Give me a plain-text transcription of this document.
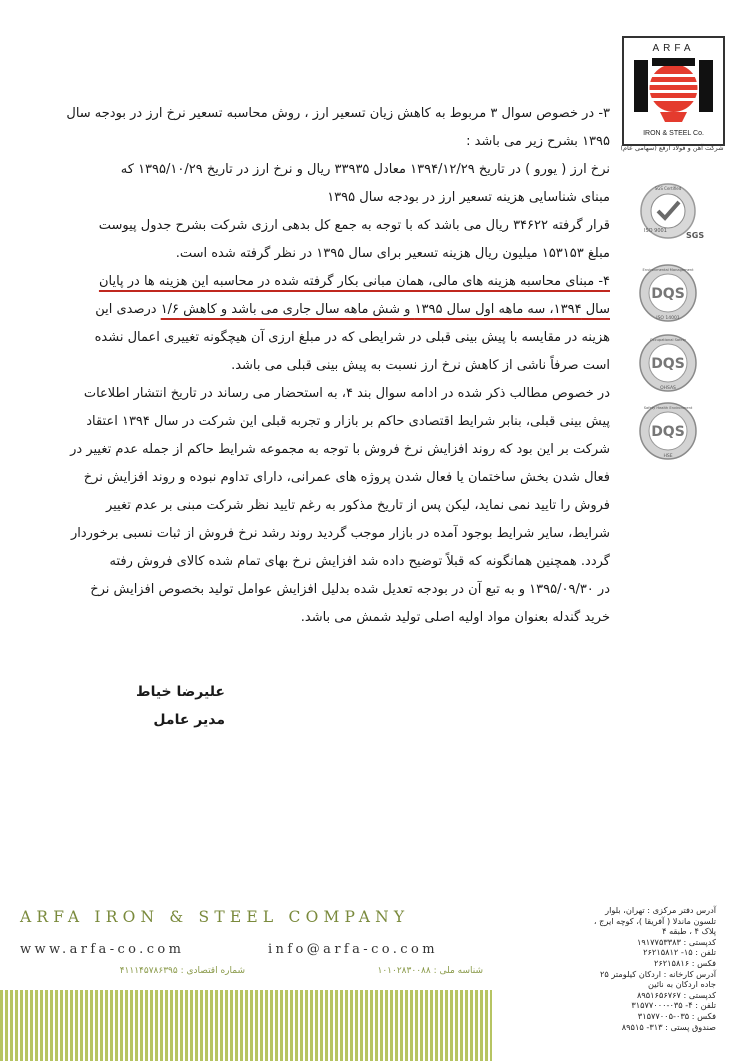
ARFA
IRON & STEEL Co.
شرکت آهن و فولاد ارفع (سهامی عام)
SGS Certified
ISO 9001 SGS
DQS
Environmental Management
ISO 14001
DQS
Occupational Safety
OHSAS
DQS
Safety Health Environment
HSE

۳- در خصوص سوال ۳ مربوط به کاهش زیان تسعیر ارز ، روش محاسبه تسعیر نرخ ارز در بودجه سال

۱۳۹۵ بشرح زیر می باشد :

نرخ ارز ( یورو ) در تاریخ ۱۳۹۴/۱۲/۲۹ معادل ۳۳۹۳۵ ریال و نرخ ارز در تاریخ ۱۳۹۵/۱۰/۲۹ که

مبنای شناسایی هزینه تسعیر ارز در بودجه سال ۱۳۹۵

قرار گرفته ۳۴۶۲۲ ریال می باشد که با توجه به جمع کل بدهی ارزی شرکت بشرح جدول پیوست

مبلغ ۱۵۳۱۵۳ میلیون ریال هزینه تسعیر برای سال ۱۳۹۵ در نظر گرفته شده است.

۴- مبنای محاسبه هزینه های مالی، همان مبانی بکار گرفته شده در محاسبه این هزینه ها در پایان

سال ۱۳۹۴، سه ماهه اول سال ۱۳۹۵ و شش ماهه سال جاری می باشد و کاهش ۱/۶ درصدی این

هزینه در مقایسه با پیش بینی قبلی در شرایطی که در مبلغ ارزی آن هیچگونه تغییری اعمال نشده

است صرفاً ناشی از کاهش نرخ ارز نسبت به پیش بینی قبلی می باشد.

در خصوص مطالب ذکر شده در ادامه سوال بند ۴، به استحضار می رساند در تاریخ انتشار اطلاعات

پیش بینی قبلی، بنابر شرایط اقتصادی حاکم بر بازار و تجربه قبلی این شرکت در سال ۱۳۹۴ اعتقاد

شرکت بر این بود که روند افزایش نرخ فروش با توجه به مجموعه شرایط حاکم از جمله عدم تغییر در

فعال شدن بخش ساختمان یا فعال شدن پروژه های عمرانی، دارای تداوم نبوده و روند افزایش نرخ

فروش را تایید نمی نماید، لیکن پس از تاریخ مذکور به رغم تایید نظر شرکت مبنی بر عدم تغییر

شرایط، سایر شرایط بوجود آمده در بازار موجب گردید روند رشد نرخ فروش از ثبات نسبی برخوردار

گردد. همچنین همانگونه که قبلاً توضیح داده شد افزایش نرخ بهای تمام شده کالای فروش رفته

در ۱۳۹۵/۰۹/۳۰ و به تبع آن در بودجه تعدیل شده بدلیل افزایش عوامل تولید بخصوص افزایش نرخ

خرید گندله بعنوان مواد اولیه اصلی تولید شمش می باشد.

علیرضا خیاط
مدیر عامل
ARFA IRON & STEEL COMPANY
www.arfa-co.com	info@arfa-co.com
شماره اقتصادی : ۴۱۱۱۴۵۷۸۶۳۹۵	شناسه ملی : ۱۰۱۰۲۸۳۰۰۸۸
آدرس دفتر مرکزی : تهران، بلوار
تلسون ماندلا ( آفریقا )، کوچه ایرج ،
پلاک ۴ ، طبقه ۴
کدپستی : ۱۹۱۷۷۵۳۳۸۳
تلفن : ۱۵- ۲۶۲۱۵۸۱۲
فکس : ۲۶۲۱۵۸۱۶
آدرس کارخانه : اردکان کیلومتر ۲۵
جاده اردکان به نائین
کدپستی : ۸۹۵۱۶۵۶۷۶۷
تلفن : ۴- ۰۳۵-۳۱۵۷۷۰۰۰
فکس : ۰۳۵-۳۱۵۷۷۰۰۵
صندوق پستی : ۳۱۳- ۸۹۵۱۵
